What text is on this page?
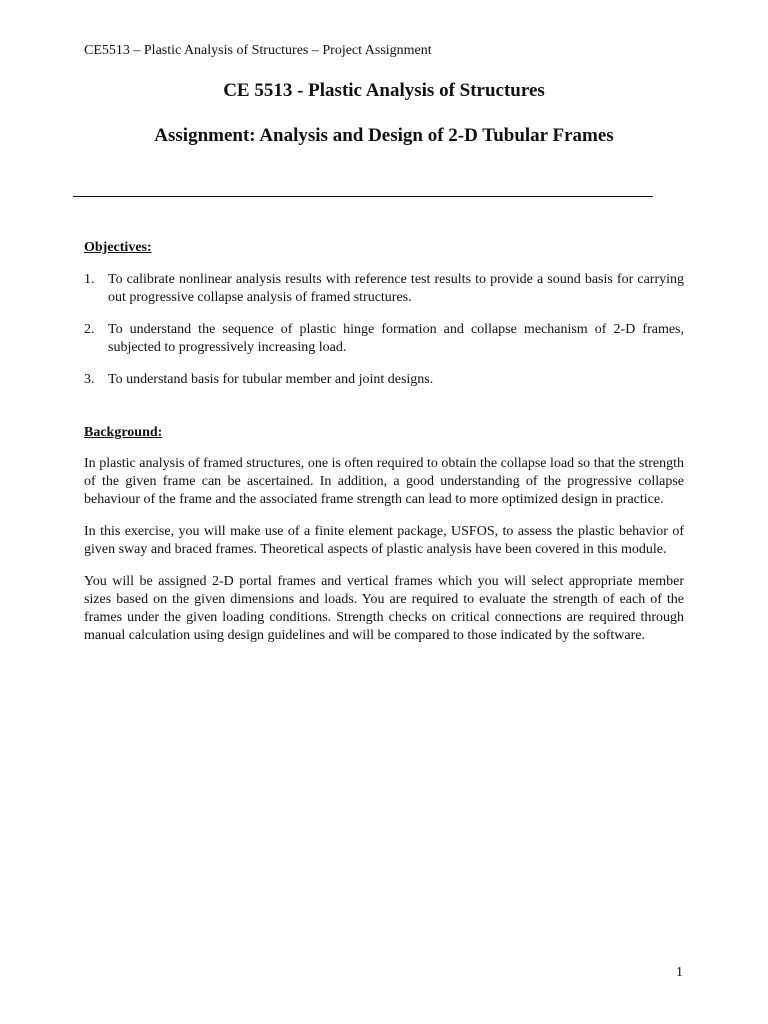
CE5513 – Plastic Analysis of Structures – Project Assignment
CE 5513 - Plastic Analysis of Structures
Assignment: Analysis and Design of 2-D Tubular Frames
Objectives:
1. To calibrate nonlinear analysis results with reference test results to provide a sound basis for carrying out progressive collapse analysis of framed structures.
2. To understand the sequence of plastic hinge formation and collapse mechanism of 2-D frames, subjected to progressively increasing load.
3. To understand basis for tubular member and joint designs.
Background:

In plastic analysis of framed structures, one is often required to obtain the collapse load so that the strength of the given frame can be ascertained. In addition, a good understanding of the progressive collapse behaviour of the frame and the associated frame strength can lead to more optimized design in practice.

In this exercise, you will make use of a finite element package, USFOS, to assess the plastic behavior of given sway and braced frames. Theoretical aspects of plastic analysis have been covered in this module.

You will be assigned 2-D portal frames and vertical frames which you will select appropriate member sizes based on the given dimensions and loads. You are required to evaluate the strength of each of the frames under the given loading conditions. Strength checks on critical connections are required through manual calculation using design guidelines and will be compared to those indicated by the software.

1
